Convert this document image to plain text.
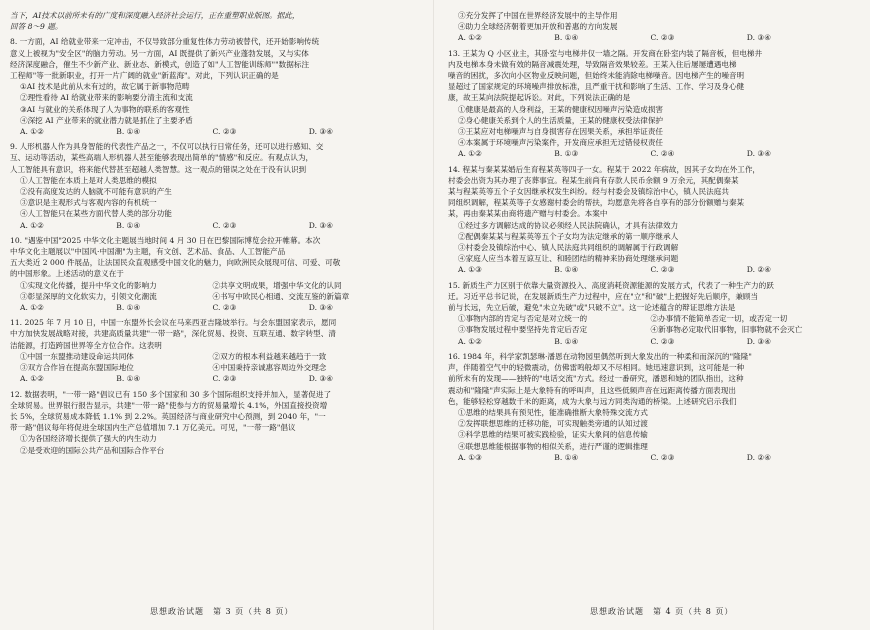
当下，AI技术以前所未有的广度和深度融入经济社会运行，正在重塑职业版图。据此，

回答 8～9 题。

8. 一方面，AI 给就业带来一定冲击，不仅导致部分重复性体力劳动被替代，还开始影响传统

意义上被视为"安全区"的脑力劳动。另一方面，AI 既提供了新兴产业蓬勃发展，又与实体

经济深度融合，催生不少新产业、新业态、新模式，创造了如"人工智能训练师""数据标注

工程师"等一批新职业，打开一片广阔的就业"新蓝海"。对此，下列认识正确的是

①AI 技术是此前从未有过的，故它属于新事物范畴

②理性看待 AI 给就业带来的影响要分清主流和支流

③AI 与就业的关系体现了人为事物的联系的客观性

④深挖 AI 产业带来的就业潜力就是抓住了主要矛盾

A. ①②	B. ①④	C. ②③	D. ③④

9. 人形机器人作为具身智能的代表性产品之一，不仅可以执行日常任务，还可以进行感知、交

互、运动等活动，某些高端人形机器人甚至能够表现出简单的"情感"和反应。有观点认为，

人工智能具有意识，将来能代替甚至超越人类智慧。这一观点的错误之处在于没有认识到

①人工智能在本质上是对人类思维的模拟

②没有高度发达的人脑就不可能有意识的产生

③意识是主观形式与客观内容的有机统一

④人工智能只在某些方面代替人类的部分功能

A. ①②	B. ①④	C. ②③	D. ③④

10. "遇鉴中国"2025 中华文化主题展当地时间 4 月 30 日在巴黎国际博览会拉开帷幕。本次

中华文化主题展以"中国风·中国潮"为主题，有文创、艺术品、食品、人工智能产品

五大类近 2 000 件展品，让法国民众直观感受中国文化的魅力，向欧洲民众展现可信、可爱、可敬

的中国形象。上述活动的意义在于

①实现文化传播，提升中华文化的影响力	②共享文明成果，增强中华文化的认同
③彰显深厚的文化软实力，引领文化潮流	④书写中欧民心相通、交流互鉴的新篇章
A. ①②	B. ①④	C. ②③	D. ③④

11. 2025 年 7 月 10 日，中国一东盟外长会议在马来西亚吉隆坡举行。与会东盟国家表示，愿同

中方加快发展战略对接，共建高质量共建"一带一路"，深化贸易、投资、互联互通、数字转型、清

洁能源，打造跨国世界等全方位合作。这表明

①中国一东盟推动建设命运共同体	②双方的根本利益越来越趋于一致
③双方合作旨在提高东盟国际地位	④中国秉持亲诚惠容周边外交理念
A. ①②	B. ①④	C. ②③	D. ③④

12. 数据表明，"一带一路"倡议已有 150 多个国家和 30 多个国际组织支持并加入，显著促进了

全球贸易。世界银行报告显示，共建"一带一路"使参与方的贸易量增长 4.1%，外国直接投资增

长 5%，全球贸易成本降低 1.1% 到 2.2%。英国经济与商业研究中心预测，到 2040 年，"一

带一路"倡议每年将促进全球国内生产总值增加 7.1 万亿美元。可见，"一带一路"倡议

①为各国经济增长提供了强大的内生动力

②是受欢迎的国际公共产品和国际合作平台

思想政治试题　第 3 页（共 8 页）

③充分发挥了中国在世界经济发展中的主导作用

④助力全球经济朝着更加开放和普惠的方向发展

A. ①②	B. ①④	C. ②③	D. ③④

13. 王某为 Q 小区业主，其卧室与电梯井仅一墙之隔。开发商在卧室内装了隔音板，但电梯井

内及电梯本身未做有效的隔音减震处理，导致隔音效果较差。王某入住后屡屡遭遇电梯

噪音的困扰，多次向小区物业反映问题，但始终未能消除电梯噪音。因电梯产生的噪音明

显超过了国家规定的环境噪声排放标准，且严重干扰和影响了生活、工作、学习及身心健

康，故王某向法院提起诉讼。对此，下列说法正确的是

①健康是最高的人身利益，王某的健康权因噪声污染造成损害

②身心健康关系到个人的生活质量，王某的健康权受法律保护

③王某应对电梯噪声与自身损害存在因果关系，承担举证责任

④本案属于环境噪声污染案件，开发商应承担无过错侵权责任

A. ①②	B. ①③	C. ②④	D. ③④

14. 程某与秦某某婚后生育程某英等四子一女。程某于 2022 年病故，因其子女均在外工作，

村委会出资为其办理了丧葬事宜。程某生前尚有存款人民币余额 9 万余元，其配偶秦某

某与程某英等五个子女因继承权发生纠纷。经与村委会及镇综治中心，镇人民法庭共

同组织调解，程某英等子女感谢村委会的帮扶，均愿意先将各自享有的部分份额赠与秦某

某，再由秦某某由商将遗产赠与村委会。本案中

①经过多方调解达成的协议必须经人民法院确认，才具有法律效力

②配偶秦某某与程某英等五个子女均为法定继承的第一顺序继承人

③村委会及镇综治中心、镇人民法庭共同组织的调解属于行政调解

④家庭人应当本着互谅互让、和睦团结的精神来协商处理继承问题

A. ①③	B. ①④	C. ②③	D. ②④

15. 新质生产力区别于依靠大量资源投入、高度消耗资源能源的发展方式，代表了一种生产力的跃

迁。习近平总书记说，在发展新质生产力过程中，应在"立"和"破"上把握好先后顺序，兼顾当

前与长远，先立后破，避免"未立先破"或"只破不立"。这一论述蕴含的辩证思维方法是

①事物内部的肯定与否定是对立统一的	②办事情不能简单否定一切，或否定一切
③事物发展过程中要坚持先肯定后否定	④新事物必定取代旧事物，旧事物就不会灭亡
A. ①②	B. ①④	C. ②③	D. ③④

16. 1984 年，科学家凯瑟琳·潘恩在动物园里偶然听到大象发出的一种柔和而深沉的"隆隆"

声，伴随着空气中的轻微震动，仿佛雷鸣般却又不尽相同。她迅速意识到，这可能是一种

前所未有的发现——独特的"电话交流"方式。经过一番研究，潘恩和她的团队指出，这种

震动和"隆隆"声实际上是大象特有的呼叫声，且这些低频声音在远距离传播方面表现出

色，能够轻松穿越数千米的距离，成为大象与远方同类沟通的桥梁。上述研究启示我们

①思维的结果具有预见性，能准确推断大象特殊交流方式

②发挥联想思维的迁移功能，可实现触类旁通的认知过渡

③科学思维的结果可被实践检验，证实大象间的信息传输

④联想思维能根据事物的相似关系，进行严谨的逻辑推理

A. ①③	B. ①④	C. ②③	D. ②④
思想政治试题　第 4 页（共 8 页）
